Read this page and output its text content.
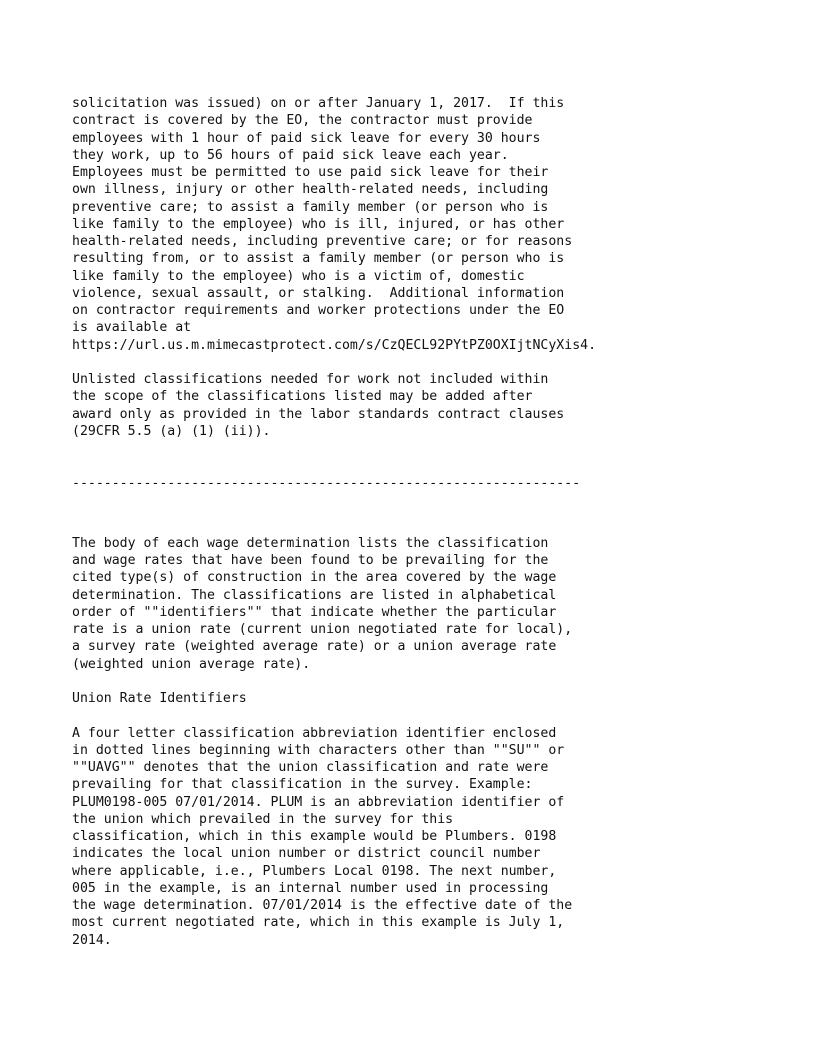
solicitation was issued) on or after January 1, 2017.  If this
contract is covered by the EO, the contractor must provide
employees with 1 hour of paid sick leave for every 30 hours
they work, up to 56 hours of paid sick leave each year.
Employees must be permitted to use paid sick leave for their
own illness, injury or other health-related needs, including
preventive care; to assist a family member (or person who is
like family to the employee) who is ill, injured, or has other
health-related needs, including preventive care; or for reasons
resulting from, or to assist a family member (or person who is
like family to the employee) who is a victim of, domestic
violence, sexual assault, or stalking.  Additional information
on contractor requirements and worker protections under the EO
is available at
https://url.us.m.mimecastprotect.com/s/CzQECL92PYtPZ0OXIjtNCyXis4.

Unlisted classifications needed for work not included within
the scope of the classifications listed may be added after
award only as provided in the labor standards contract clauses
(29CFR 5.5 (a) (1) (ii)).

----------------------------------------------------------------

The body of each wage determination lists the classification
and wage rates that have been found to be prevailing for the
cited type(s) of construction in the area covered by the wage
determination. The classifications are listed in alphabetical
order of ""identifiers"" that indicate whether the particular
rate is a union rate (current union negotiated rate for local),
a survey rate (weighted average rate) or a union average rate
(weighted union average rate).

Union Rate Identifiers

A four letter classification abbreviation identifier enclosed
in dotted lines beginning with characters other than ""SU"" or
""UAVG"" denotes that the union classification and rate were
prevailing for that classification in the survey. Example:
PLUM0198-005 07/01/2014. PLUM is an abbreviation identifier of
the union which prevailed in the survey for this
classification, which in this example would be Plumbers. 0198
indicates the local union number or district council number
where applicable, i.e., Plumbers Local 0198. The next number,
005 in the example, is an internal number used in processing
the wage determination. 07/01/2014 is the effective date of the
most current negotiated rate, which in this example is July 1,
2014.
